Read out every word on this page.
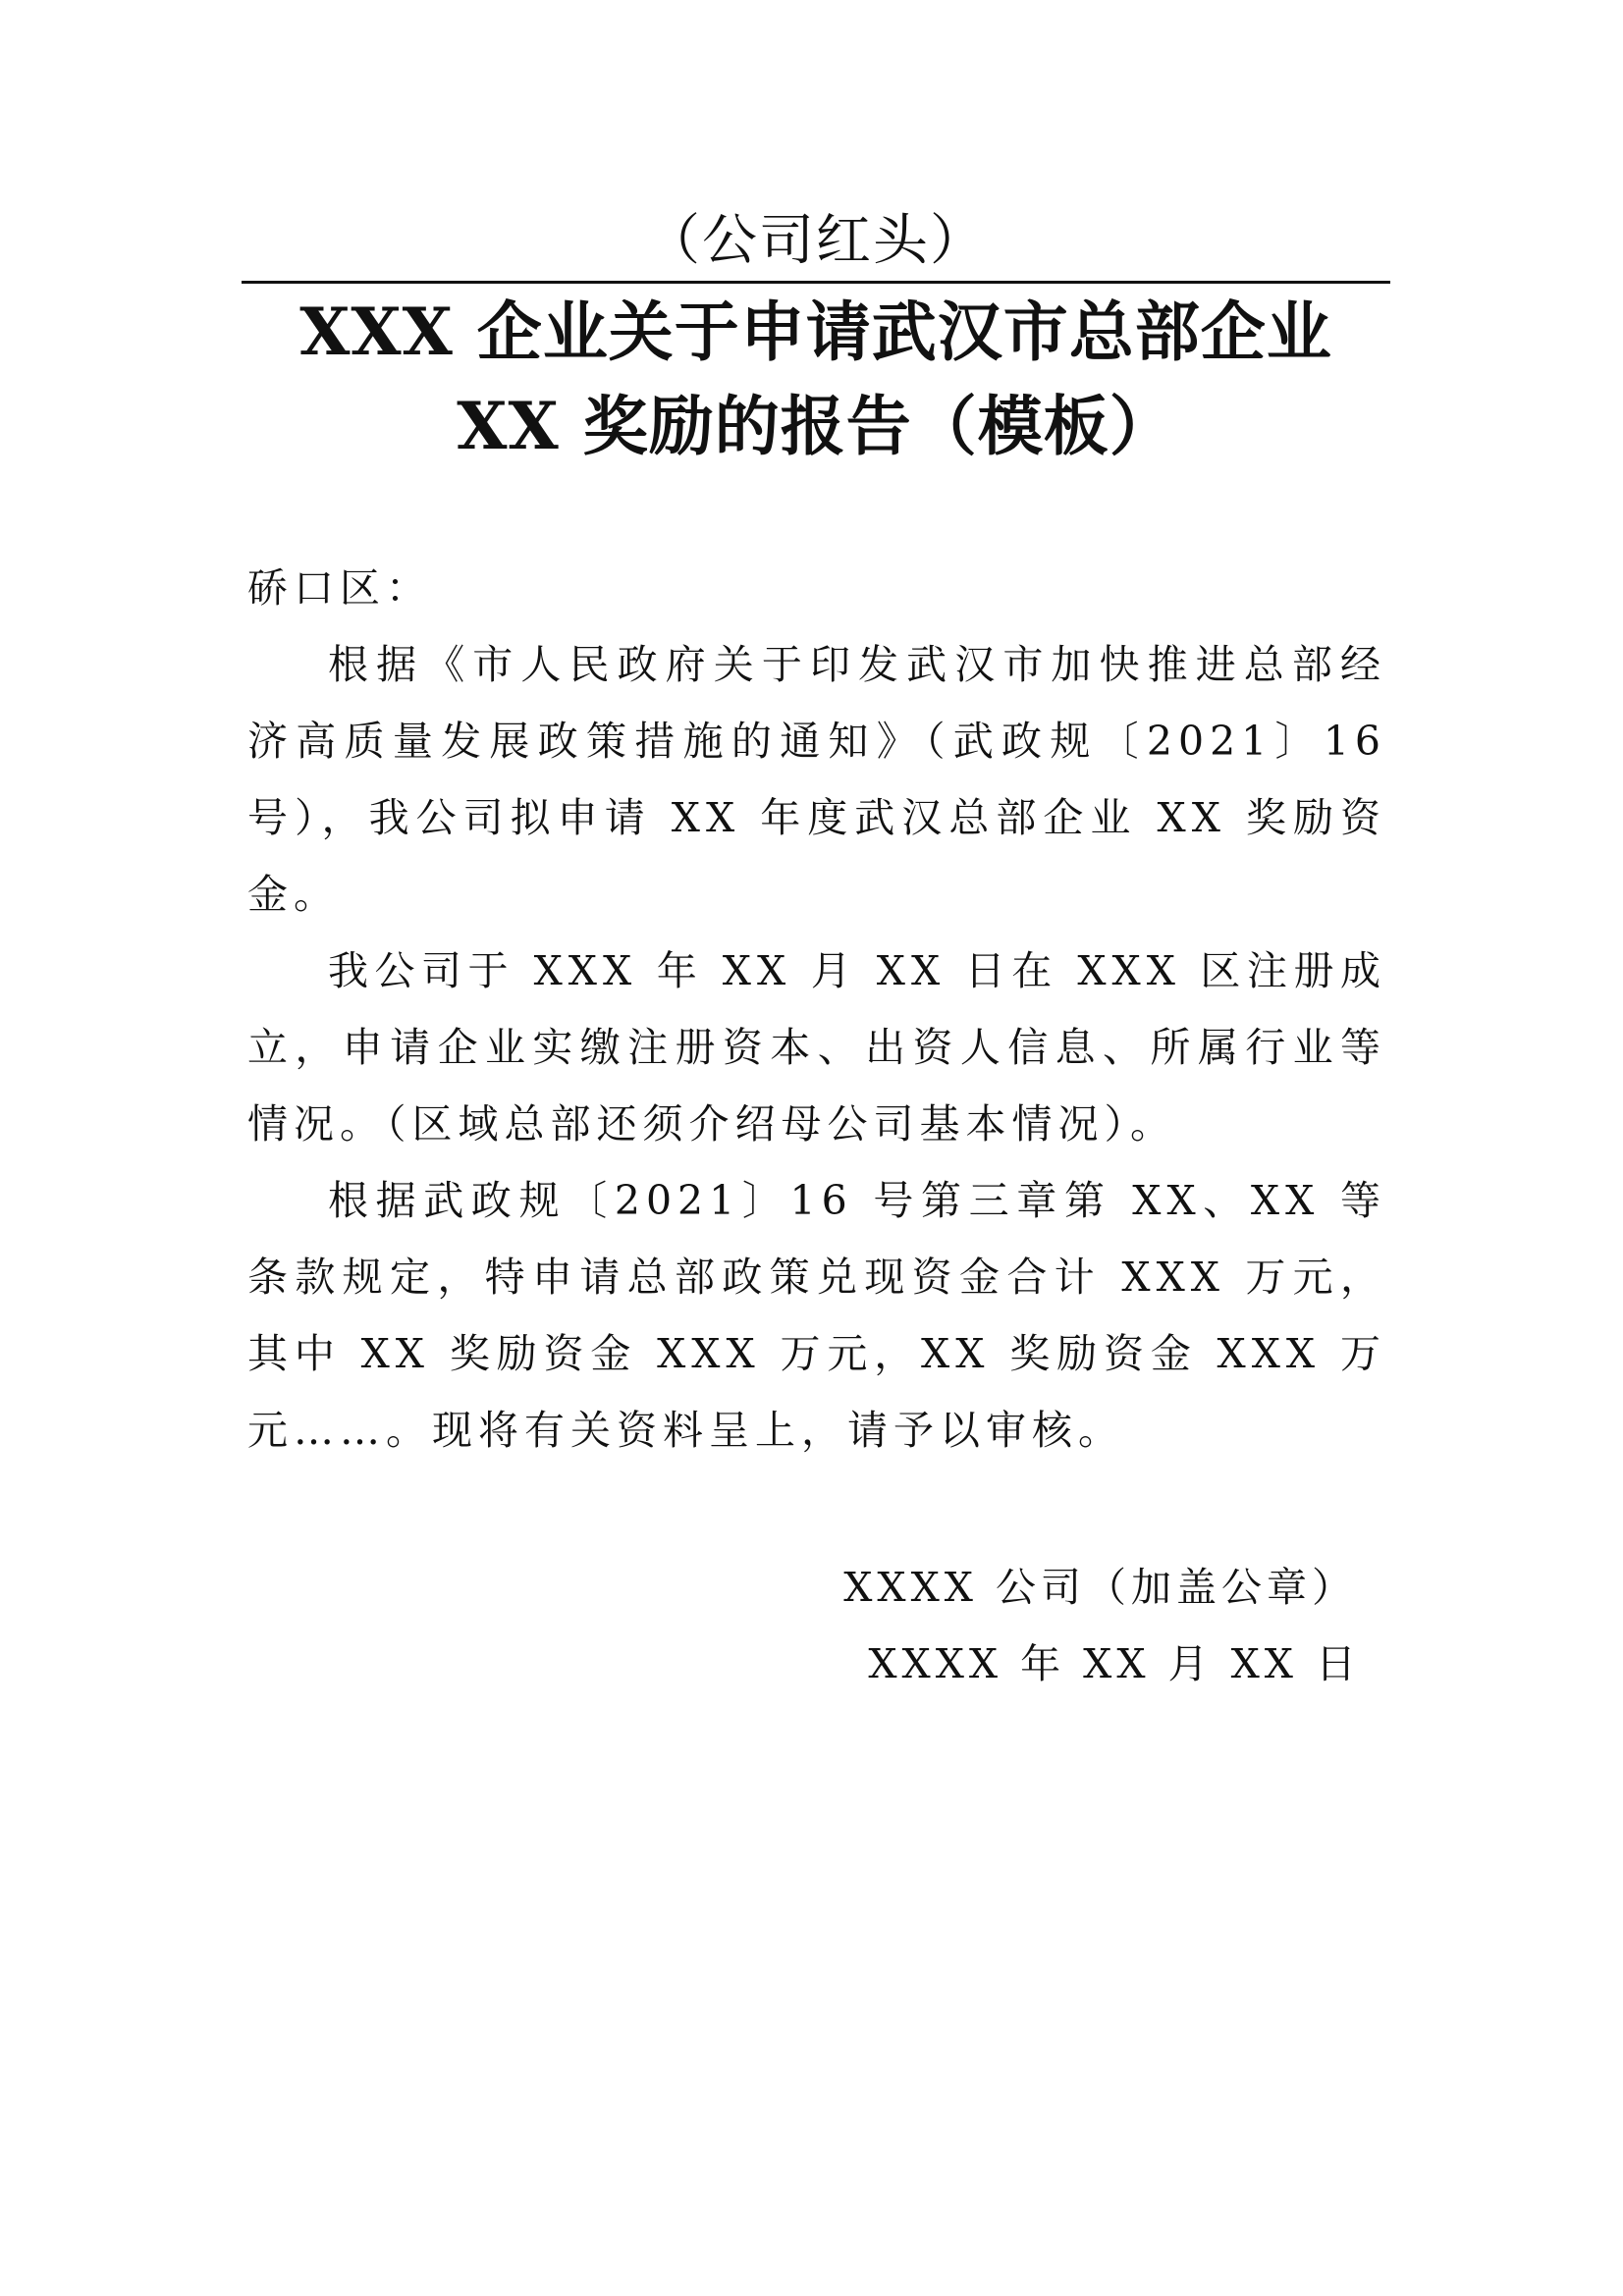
（公司红头）
XXX 企业关于申请武汉市总部企业
XX 奖励的报告（模板）

硚口区：

根据《市人民政府关于印发武汉市加快推进总部经济高质量发展政策措施的通知》（武政规〔2021〕16 号），我公司拟申请 XX 年度武汉总部企业 XX 奖励资金。

我公司于 XXX 年 XX 月 XX 日在 XXX 区注册成立，申请企业实缴注册资本、出资人信息、所属行业等情况。（区域总部还须介绍母公司基本情况）。

根据武政规〔2021〕16 号第三章第 XX、XX 等条款规定，特申请总部政策兑现资金合计 XXX 万元，其中 XX 奖励资金 XXX 万元，XX 奖励资金 XXX 万元……。现将有关资料呈上，请予以审核。

XXXX 公司（加盖公章）

XXXX 年 XX 月 XX 日
